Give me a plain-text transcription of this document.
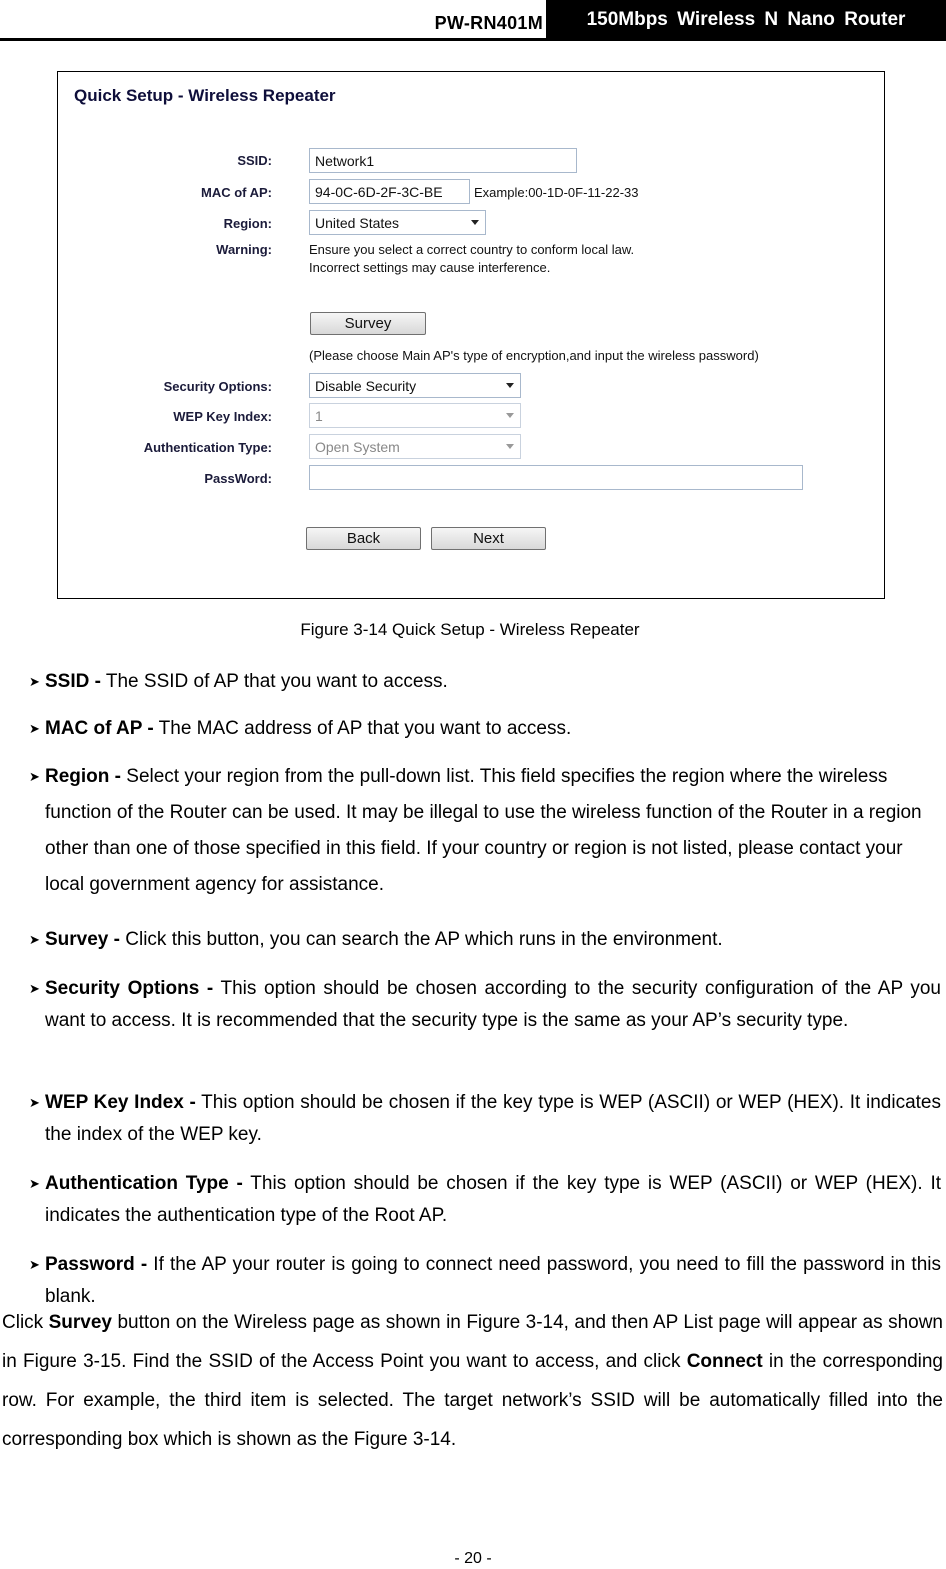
PW-RN401M	150Mbps Wireless N Nano Router
Quick Setup - Wireless Repeater
SSID:	Network1
MAC of AP:	94-0C-6D-2F-3C-BE	Example:00-1D-0F-11-22-33
Region:	United States
Warning:	Ensure you select a correct country to conform local law.
Incorrect settings may cause interference.
Survey
(Please choose Main AP's type of encryption,and input the wireless password)
Security Options:	Disable Security
WEP Key Index:	1
Authentication Type:	Open System
PassWord:
Back	Next
Figure 3-14 Quick Setup - Wireless Repeater
➤ SSID - The SSID of AP that you want to access.
➤ MAC of AP - The MAC address of AP that you want to access.
➤ Region - Select your region from the pull-down list. This field specifies the region where the wireless function of the Router can be used. It may be illegal to use the wireless function of the Router in a region other than one of those specified in this field. If your country or region is not listed, please contact your local government agency for assistance.
➤ Survey - Click this button, you can search the AP which runs in the environment.
➤ Security Options - This option should be chosen according to the security configuration of the AP you want to access. It is recommended that the security type is the same as your AP’s security type.
➤ WEP Key Index - This option should be chosen if the key type is WEP (ASCII) or WEP (HEX). It indicates the index of the WEP key.
➤ Authentication Type - This option should be chosen if the key type is WEP (ASCII) or WEP (HEX). It indicates the authentication type of the Root AP.
➤ Password - If the AP your router is going to connect need password, you need to fill the password in this blank.
Click Survey button on the Wireless page as shown in Figure 3-14, and then AP List page will appear as shown in Figure 3-15. Find the SSID of the Access Point you want to access, and click Connect in the corresponding row. For example, the third item is selected. The target network’s SSID will be automatically filled into the corresponding box which is shown as the Figure 3-14.
- 20 -
